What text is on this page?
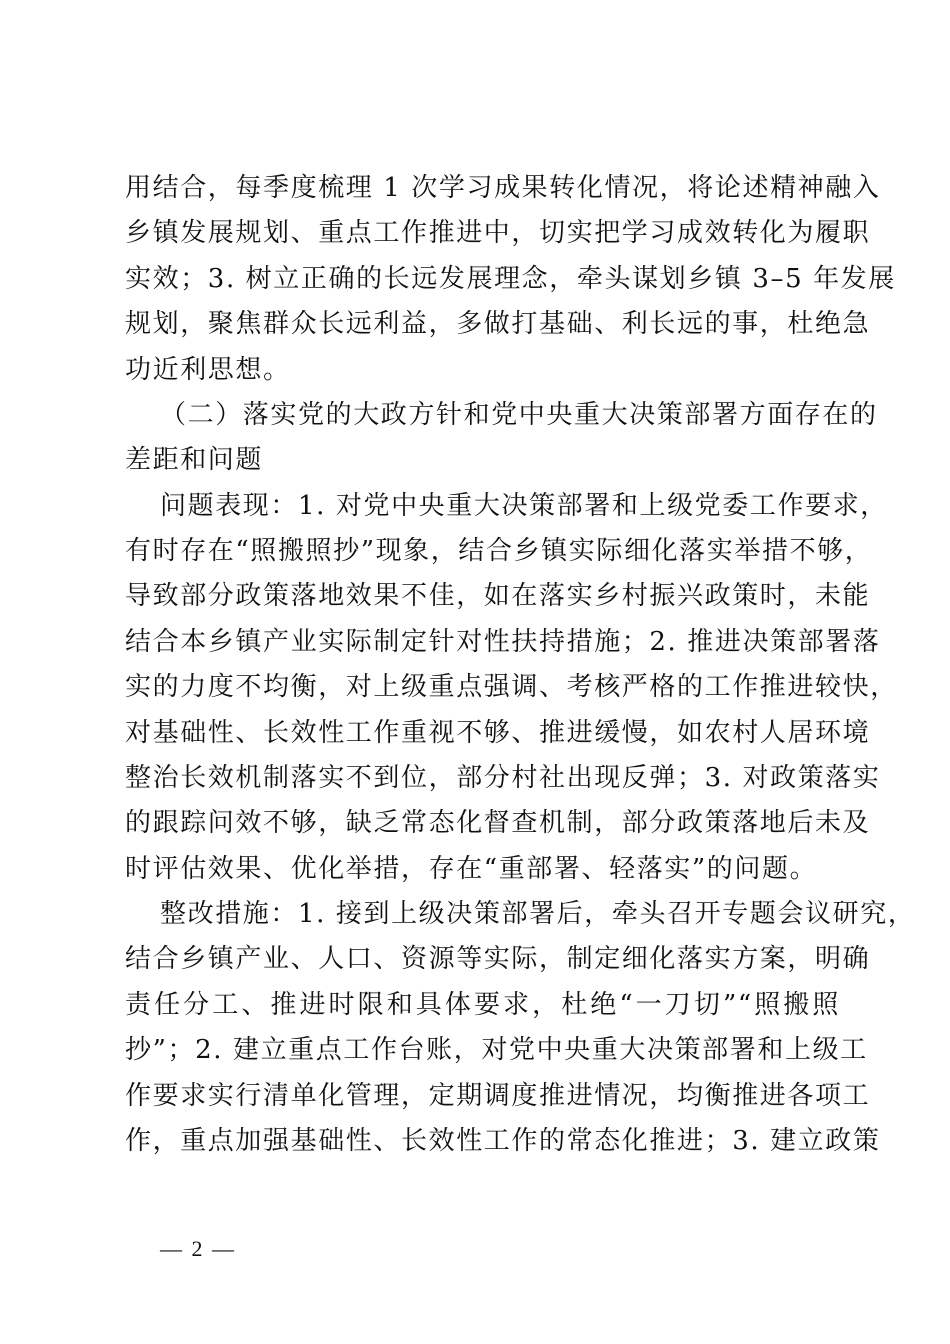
用结合，每季度梳理 1 次学习成果转化情况，将论述精神融入
乡镇发展规划、重点工作推进中，切实把学习成效转化为履职
实效；3. 树立正确的长远发展理念，牵头谋划乡镇 3–5 年发展
规划，聚焦群众长远利益，多做打基础、利长远的事，杜绝急
功近利思想。
（二）落实党的大政方针和党中央重大决策部署方面存在的
差距和问题
问题表现：1. 对党中央重大决策部署和上级党委工作要求，
有时存在“照搬照抄”现象，结合乡镇实际细化落实举措不够，
导致部分政策落地效果不佳，如在落实乡村振兴政策时，未能
结合本乡镇产业实际制定针对性扶持措施；2. 推进决策部署落
实的力度不均衡，对上级重点强调、考核严格的工作推进较快，
对基础性、长效性工作重视不够、推进缓慢，如农村人居环境
整治长效机制落实不到位，部分村社出现反弹；3. 对政策落实
的跟踪问效不够，缺乏常态化督查机制，部分政策落地后未及
时评估效果、优化举措，存在“重部署、轻落实”的问题。
整改措施：1. 接到上级决策部署后，牵头召开专题会议研究，
结合乡镇产业、人口、资源等实际，制定细化落实方案，明确
责任分工、推进时限和具体要求，杜绝“一刀切”“照搬照
抄”；2. 建立重点工作台账，对党中央重大决策部署和上级工
作要求实行清单化管理，定期调度推进情况，均衡推进各项工
作，重点加强基础性、长效性工作的常态化推进；3. 建立政策
— 2 —
